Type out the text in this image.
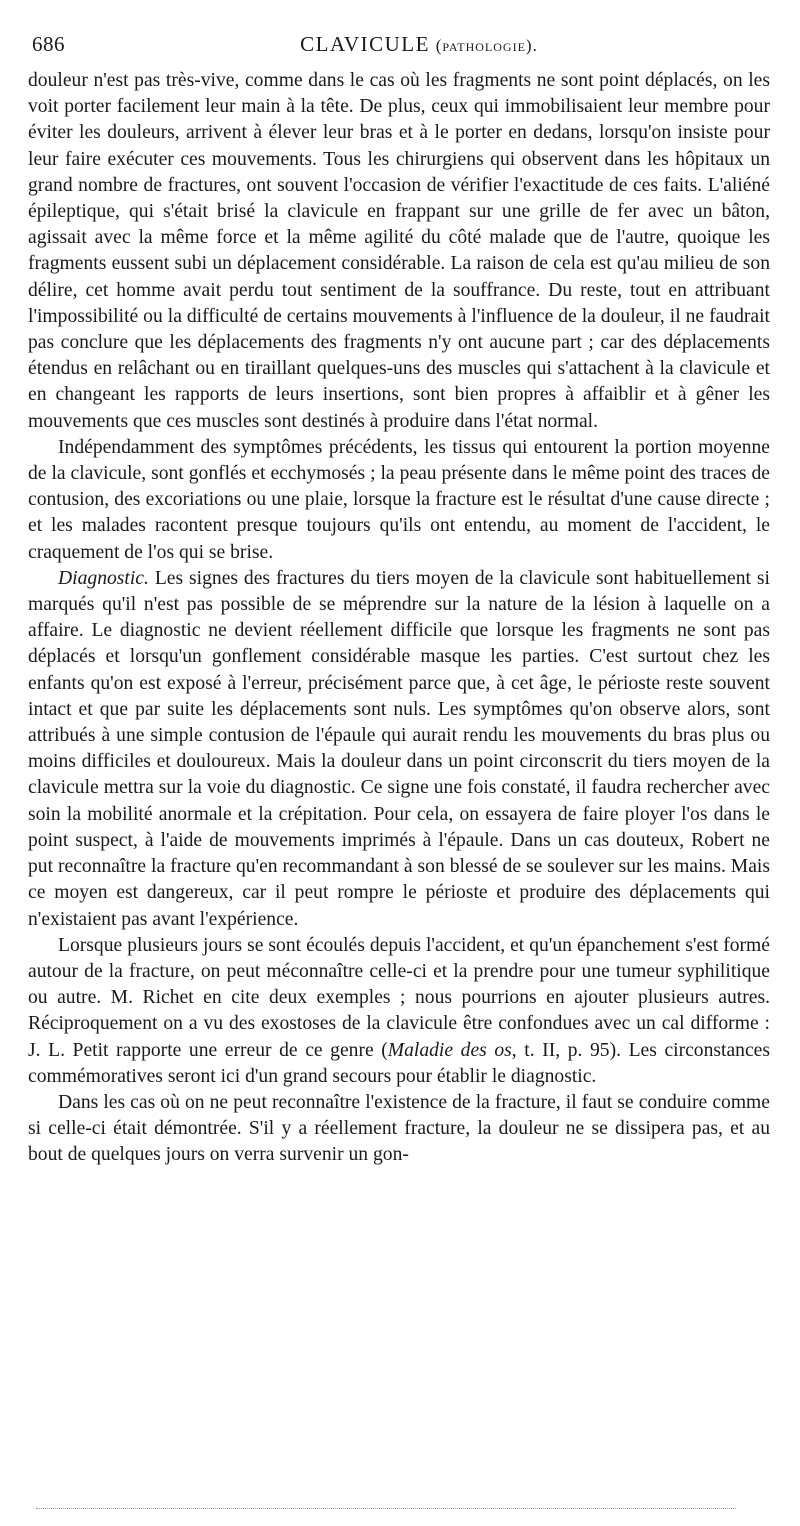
686	CLAVICULE (pathologie).

douleur n'est pas très-vive, comme dans le cas où les fragments ne sont point déplacés, on les voit porter facilement leur main à la tête. De plus, ceux qui immobilisaient leur membre pour éviter les douleurs, arrivent à élever leur bras et à le porter en dedans, lorsqu'on insiste pour leur faire exécuter ces mouvements. Tous les chirurgiens qui observent dans les hôpitaux un grand nombre de fractures, ont souvent l'occasion de vérifier l'exactitude de ces faits. L'aliéné épileptique, qui s'était brisé la clavicule en frappant sur une grille de fer avec un bâton, agissait avec la même force et la même agilité du côté malade que de l'autre, quoique les fragments eussent subi un déplacement considérable. La raison de cela est qu'au milieu de son délire, cet homme avait perdu tout sentiment de la souffrance. Du reste, tout en attribuant l'impossibilité ou la difficulté de certains mouvements à l'influence de la douleur, il ne faudrait pas conclure que les déplacements des fragments n'y ont aucune part ; car des déplacements étendus en relâchant ou en tiraillant quelques-uns des muscles qui s'attachent à la clavicule et en changeant les rapports de leurs insertions, sont bien propres à affaiblir et à gêner les mouvements que ces muscles sont destinés à produire dans l'état normal.

Indépendamment des symptômes précédents, les tissus qui entourent la portion moyenne de la clavicule, sont gonflés et ecchymosés ; la peau présente dans le même point des traces de contusion, des excoriations ou une plaie, lorsque la fracture est le résultat d'une cause directe ; et les malades racontent presque toujours qu'ils ont entendu, au moment de l'accident, le craquement de l'os qui se brise.

Diagnostic. Les signes des fractures du tiers moyen de la clavicule sont habituellement si marqués qu'il n'est pas possible de se méprendre sur la nature de la lésion à laquelle on a affaire. Le diagnostic ne devient réellement difficile que lorsque les fragments ne sont pas déplacés et lorsqu'un gonflement considérable masque les parties. C'est surtout chez les enfants qu'on est exposé à l'erreur, précisément parce que, à cet âge, le périoste reste souvent intact et que par suite les déplacements sont nuls. Les symptômes qu'on observe alors, sont attribués à une simple contusion de l'épaule qui aurait rendu les mouvements du bras plus ou moins difficiles et douloureux. Mais la douleur dans un point circonscrit du tiers moyen de la clavicule mettra sur la voie du diagnostic. Ce signe une fois constaté, il faudra rechercher avec soin la mobilité anormale et la crépitation. Pour cela, on essayera de faire ployer l'os dans le point suspect, à l'aide de mouvements imprimés à l'épaule. Dans un cas douteux, Robert ne put reconnaître la fracture qu'en recommandant à son blessé de se soulever sur les mains. Mais ce moyen est dangereux, car il peut rompre le périoste et produire des déplacements qui n'existaient pas avant l'expérience.

Lorsque plusieurs jours se sont écoulés depuis l'accident, et qu'un épanchement s'est formé autour de la fracture, on peut méconnaître celle-ci et la prendre pour une tumeur syphilitique ou autre. M. Richet en cite deux exemples ; nous pourrions en ajouter plusieurs autres. Réciproquement on a vu des exostoses de la clavicule être confondues avec un cal difforme : J. L. Petit rapporte une erreur de ce genre (Maladie des os, t. II, p. 95). Les circonstances commémoratives seront ici d'un grand secours pour établir le diagnostic.

Dans les cas où on ne peut reconnaître l'existence de la fracture, il faut se conduire comme si celle-ci était démontrée. S'il y a réellement fracture, la douleur ne se dissipera pas, et au bout de quelques jours on verra survenir un gon-
